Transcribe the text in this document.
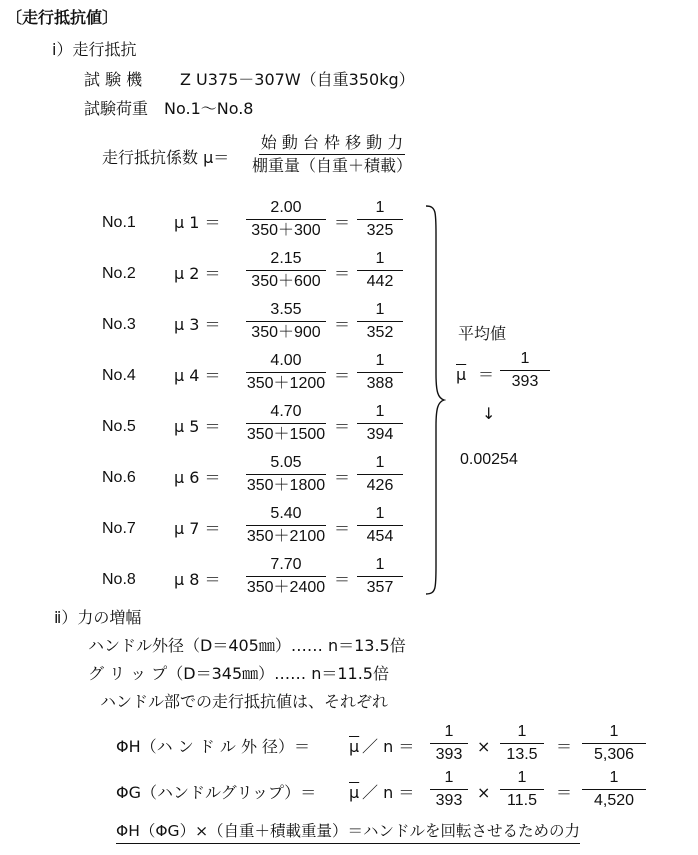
〔走行抵抗値〕
ⅰ）走行抵抗
試 験 機 Z U375－307W（自重350kg）
試験荷重 No.1～No.8
走行抵抗係数 μ＝
始 動 台 枠 移 動 力
棚重量（自重＋積載）
No.1 μ $1 = \frac{2.00}{350+300} = \frac{1}{325}$
No.2 μ $2 = \frac{2.15}{350+600} = \frac{1}{442}$
No.3 μ $3 = \frac{3.55}{350+900} = \frac{1}{352}$
No.4 μ $4 = \frac{4.00}{350+1200} = \frac{1}{388}$
No.5 μ $5 = \frac{4.70}{350+1500} = \frac{1}{394}$
No.6 μ $6 = \frac{5.05}{350+1800} = \frac{1}{426}$
No.7 μ $7 = \frac{5.40}{350+2100} = \frac{1}{454}$
No.8 μ $8 = \frac{7.70}{350+2400} = \frac{1}{357}$
平均値
$\overline{\mu} = \frac{1}{393}$
↓
0.00254
ⅱ）力の増幅
ハンドル外径（D＝405㎜）…… n＝13.5倍
グ リ ッ プ（D＝345㎜）…… n＝11.5倍
ハンドル部での走行抵抗値は、それぞれ
ΦH（ハ ン ド ル 外 径）＝ $\overline{\mu}$ ／ $n = \frac{1}{393} \times \frac{1}{13.5} = \frac{1}{5,306}$
ΦG（ハンドルグリップ）＝ $\overline{\mu}$ ／ $n = \frac{1}{393} \times \frac{1}{11.5} = \frac{1}{4,520}$
ΦH（ΦG）×（自重＋積載重量）＝ハンドルを回転させるための力
